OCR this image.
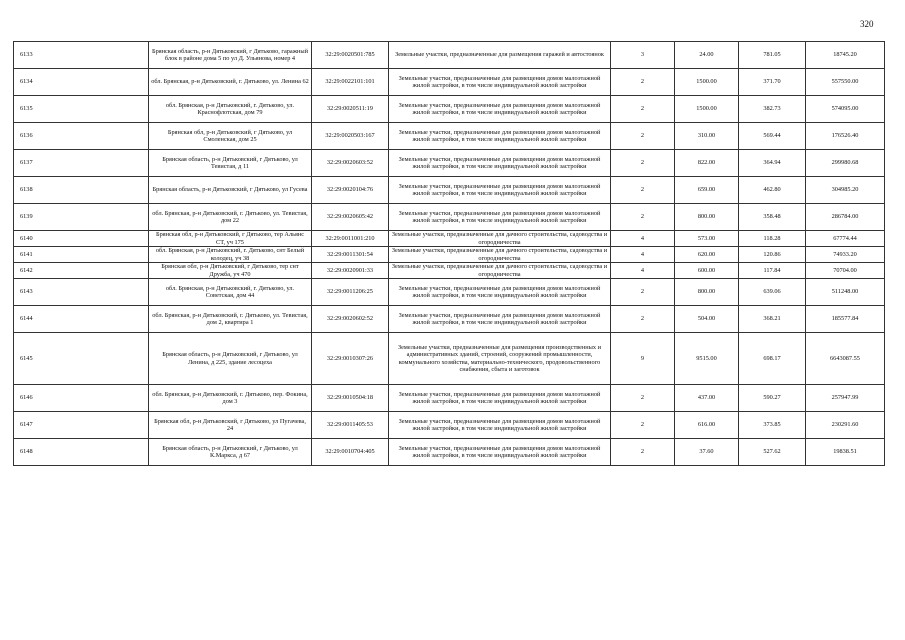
320
6133	Брянская область, р-н Дятьковский, г Дятьково, гаражный блок в районе дома 5 по ул Д. Ульянова, номер 4	32:29:0020501:785	Земельные участки, предназначенные для размещения гаражей и автостоянок	3	24.00	781.05	18745.20
6134	обл. Брянская, р-н Дятьковский, г. Дятьково, ул. Ленина 62	32:29:0022101:101	Земельные участки, предназначенные для размещения домов малоэтажной жилой застройки, в том числе индивидуальной жилой застройки	2	1500.00	371.70	557550.00
6135	обл. Брянская, р-н Дятьковский, г. Дятьково, ул. Краснофлотская, дом 79	32:29:0020511:19	Земельные участки, предназначенные для размещения домов малоэтажной жилой застройки, в том числе индивидуальной жилой застройки	2	1500.00	382.73	574095.00
6136	Брянская обл, р-н Дятьковский, г Дятьково, ул Смоленская, дом 25	32:29:0020503:167	Земельные участки, предназначенные для размещения домов малоэтажной жилой застройки, в том числе индивидуальной жилой застройки	2	310.00	569.44	176526.40
6137	Брянская область, р-н Дятьковский, г Дятьково, ул Тевистая, д 11	32:29:0020603:52	Земельные участки, предназначенные для размещения домов малоэтажной жилой застройки, в том числе индивидуальной жилой застройки	2	822.00	364.94	299980.68
6138	Брянская область, р-н Дятьковский, г Дятьково, ул Гусева	32:29:0020104:76	Земельные участки, предназначенные для размещения домов малоэтажной жилой застройки, в том числе индивидуальной жилой застройки	2	659.00	462.80	304985.20
6139	обл. Брянская, р-н Дятьковский, г. Дятьково, ул. Тевистая, дом 22	32:29:0020605:42	Земельные участки, предназначенные для размещения домов малоэтажной жилой застройки, в том числе индивидуальной жилой застройки	2	800.00	358.48	286784.00
6140	Брянская обл, р-н Дятьковский, г Дятьково, тер Альянс СТ, уч 175	32:29:0011001:210	Земельные участки, предназначенные для дачного строительства, садоводства и огородничества	4	573.00	118.28	67774.44
6141	обл. Брянская, р-н Дятьковский, г. Дятьково, снт Белый колодец, уч 38	32:29:0011301:54	Земельные участки, предназначенные для дачного строительства, садоводства и огородничества	4	620.00	120.86	74933.20
6142	Брянская обл, р-н Дятьковский, г Дятьково, тер снт Дружба, уч 470	32:29:0020901:33	Земельные участки, предназначенные для дачного строительства, садоводства и огородничества	4	600.00	117.84	70704.00
6143	обл. Брянская, р-н Дятьковский, г. Дятьково, ул. Советская, дом 44	32:29:0011206:25	Земельные участки, предназначенные для размещения домов малоэтажной жилой застройки, в том числе индивидуальной жилой застройки	2	800.00	639.06	511248.00
6144	обл. Брянская, р-н Дятьковский, г. Дятьково, ул. Тевистая, дом 2, квартира 1	32:29:0020602:52	Земельные участки, предназначенные для размещения домов малоэтажной жилой застройки, в том числе индивидуальной жилой застройки	2	504.00	368.21	185577.84
6145	Брянская область, р-н Дятьковский, г Дятьково, ул Ленина, д 225, здание лесоцеха	32:29:0010307:26	Земельные участки, предназначенные для размещения производственных и административных зданий, строений, сооружений промышленности, коммунального хозяйства, материально-технического, продовольственного снабжения, сбыта и заготовок	9	9515.00	698.17	6643087.55
6146	обл. Брянская, р-н Дятьковский, г. Дятьково, пер. Фокина, дом 3	32:29:0010504:18	Земельные участки, предназначенные для размещения домов малоэтажной жилой застройки, в том числе индивидуальной жилой застройки	2	437.00	590.27	257947.99
6147	Брянская обл, р-н Дятьковский, г Дятьково, ул Пугачева, 24	32:29:0011405:53	Земельные участки, предназначенные для размещения домов малоэтажной жилой застройки, в том числе индивидуальной жилой застройки	2	616.00	373.85	230291.60
6148	Брянская область, р-н Дятьковский, г Дятьково, ул К.Маркса, д 67	32:29:0010704:405	Земельные участки, предназначенные для размещения домов малоэтажной жилой застройки, в том числе индивидуальной жилой застройки	2	37.60	527.62	19838.51
